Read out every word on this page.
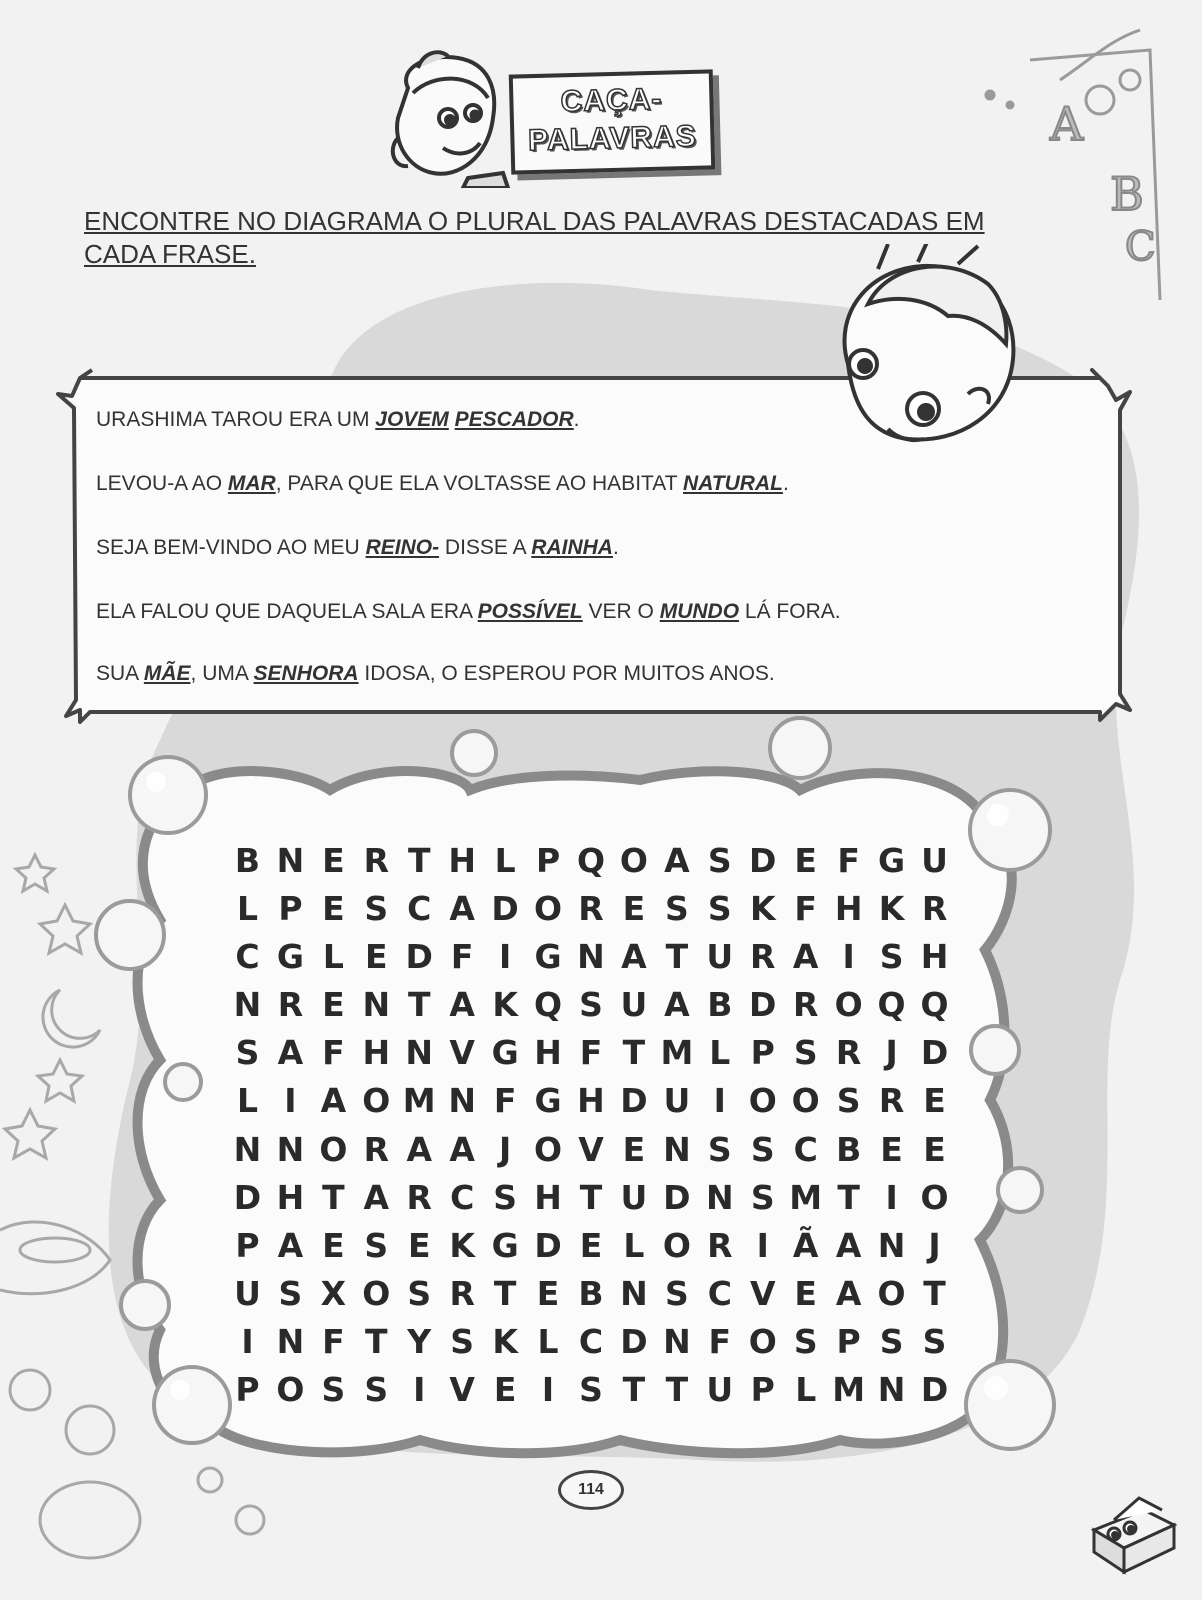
A
B
C
CAÇA-
PALAVRAS
ENCONTRE NO DIAGRAMA O PLURAL DAS PALAVRAS DESTACADAS EM CADA FRASE.
URASHIMA TAROU ERA UM JOVEM PESCADOR.
LEVOU-A AO MAR, PARA QUE ELA VOLTASSE AO HABITAT NATURAL.
SEJA BEM-VINDO AO MEU REINO- DISSE A RAINHA.
ELA FALOU QUE DAQUELA SALA ERA POSSÍVEL VER O MUNDO LÁ FORA.
SUA MÃE, UMA SENHORA IDOSA, O ESPEROU POR MUITOS ANOS.
B N E R T H L P Q O A S D E F G U
L P E S C A D O R E S S K F H K R
C G L E D F I G N A T U R A I S H
N R E N T A K Q S U A B D R O Q Q
S A F H N V G H F T M L P S R J D
L I A O M N F G H D U I O O S R E
N N O R A A J O V E N S S C B E E
D H T A R C S H T U D N S M T I O
P A E S E K G D E L O R I Ã A N J
U S X O S R T E B N S C V E A O T
I N F T Y S K L C D N F O S P S S
P O S S I V E I S T T U P L M N D
114
